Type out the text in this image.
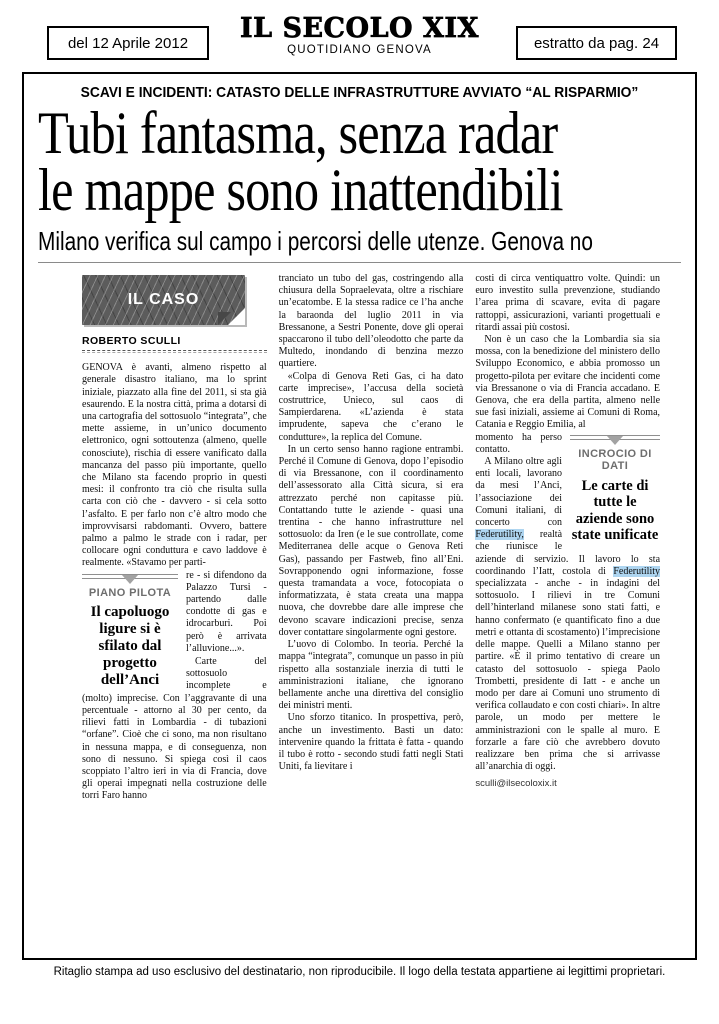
del 12 Aprile 2012	IL SECOLO XIX
QUOTIDIANO GENOVA	estratto da pag. 24
SCAVI E INCIDENTI: CATASTO DELLE INFRASTRUTTURE AVVIATO “AL RISPARMIO”
Tubi fantasma, senza radar
le mappe sono inattendibili
Milano verifica sul campo i percorsi delle utenze. Genova no
IL CASO
ROBERTO SCULLI

GENOVA è avanti, almeno rispetto al generale disastro italiano, ma lo sprint iniziale, piazzato alla fine del 2011, si sta già esaurendo. E la nostra città, prima a dotarsi di una cartografia del sottosuolo “integrata”, che mette assieme, in un’unico documento elettronico, ogni sottoutenza (almeno, quelle conosciute), rischia di essere vanificato dalla mancanza del passo più importante, quello che Milano sta facendo proprio in questi mesi: il confronto tra ciò che risulta sulla carta con ciò che - davvero - si cela sotto l’asfalto. E per farlo non c’è altro modo che improvvisarsi rabdomanti. Ovvero, battere palmo a palmo le strade con i radar, per collocare ogni conduttura e cavo laddove è realmente. «Stavamo per parti-

PIANO PILOTA
Il capoluogo ligure si è sfilato dal progetto dell’Anci

re - si difendono da Palazzo Tursi - partendo dalle condotte di gas e idrocarburi. Poi però è arrivata l’alluvione...».

Carte del sottosuolo incomplete e (molto) imprecise. Con l’aggravante di una percentuale - attorno al 30 per cento, da rilievi fatti in Lombardia - di tubazioni “orfane”. Cioè che ci sono, ma non risultano in nessuna mappa, e di conseguenza, non sono di nessuno. Si spiega così il caos scoppiato l’altro ieri in via di Francia, dove gli operai impegnati nella costruzione delle torri Faro hanno

tranciato un tubo del gas, costringendo alla chiusura della Sopraelevata, oltre a rischiare un’ecatombe. E la stessa radice ce l’ha anche la baraonda del luglio 2011 in via Bressanone, a Sestri Ponente, dove gli operai spaccarono il tubo dell’oleodotto che parte da Multedo, inondando di benzina mezzo quartiere.

«Colpa di Genova Reti Gas, ci ha dato carte imprecise», l’accusa della società costruttrice, Unieco, sul caos di Sampierdarena. «L’azienda è stata imprudente, sapeva che c’erano le condutture», la replica del Comune.

In un certo senso hanno ragione entrambi. Perché il Comune di Genova, dopo l’episodio di via Bressanone, con il coordinamento dell’assessorato alla Città sicura, si era attrezzato perché non capitasse più. Contattando tutte le aziende - quasi una trentina - che hanno infrastrutture nel sottosuolo: da Iren (e le sue controllate, come Mediterranea delle acque o Genova Reti Gas), passando per Fastweb, fino all’Eni. Sovrapponendo ogni informazione, fosse questa tramandata a voce, fotocopiata o informatizzata, è stata creata una mappa nuova, che dovrebbe dare alle imprese che devono scavare indicazioni precise, senza dover contattare singolarmente ogni gestore.

L’uovo di Colombo. In teoria. Perché la mappa “integrata”, comunque un passo in più rispetto alla sostanziale inerzia di tutti le amministrazioni italiane, che ignorano bellamente anche una direttiva del consiglio dei ministri menti.

Uno sforzo titanico. In prospettiva, però, anche un investimento. Basti un dato: intervenire quando la frittata è fatta - quando il tubo è rotto - secondo studi fatti negli Stati Uniti, fa lievitare i

costi di circa ventiquattro volte. Quindi: un euro investito sulla prevenzione, studiando l’area prima di scavare, evita di pagare rattoppi, assicurazioni, varianti progettuali e ritardi assai più costosi.

Non è un caso che la Lombardia sia sia mossa, con la benedizione del ministero dello Sviluppo Economico, e abbia promosso un progetto-pilota per evitare che incidenti come via Bressanone o via di Francia accadano. E Genova, che era della partita, almeno nelle sue fasi iniziali, assieme ai Comuni di Roma, Catania e Reggio Emilia, al

INCROCIO DI DATI
Le carte di tutte le aziende sono state unificate

momento ha perso contatto.

A Milano oltre agli enti locali, lavorano da mesi l’Anci, l’associazione dei Comuni italiani, di concerto con Federutility, realtà che riunisce le aziende di servizio. Il lavoro lo sta coordinando l’Iatt, costola di Federutility specializzata - anche - in indagini del sottosuolo. I rilievi in tre Comuni dell’hinterland milanese sono stati fatti, e hanno confermato (e quantificato fino a due metri e ottanta di scostamento) l’imprecisione delle mappe. Quelli a Milano stanno per partire. «È il primo tentativo di creare un catasto del sottosuolo - spiega Paolo Trombetti, presidente di Iatt - e anche un modo per dare ai Comuni uno strumento di verifica collaudato e con costi chiari». In altre parole, un modo per mettere le amministrazioni con le spalle al muro. E forzarle a fare ciò che avrebbero dovuto realizzare ben prima che si arrivasse all’anarchia di oggi.

sculli@ilsecoloxix.it
Ritaglio stampa ad uso esclusivo del destinatario, non riproducibile. Il logo della testata appartiene ai legittimi proprietari.
